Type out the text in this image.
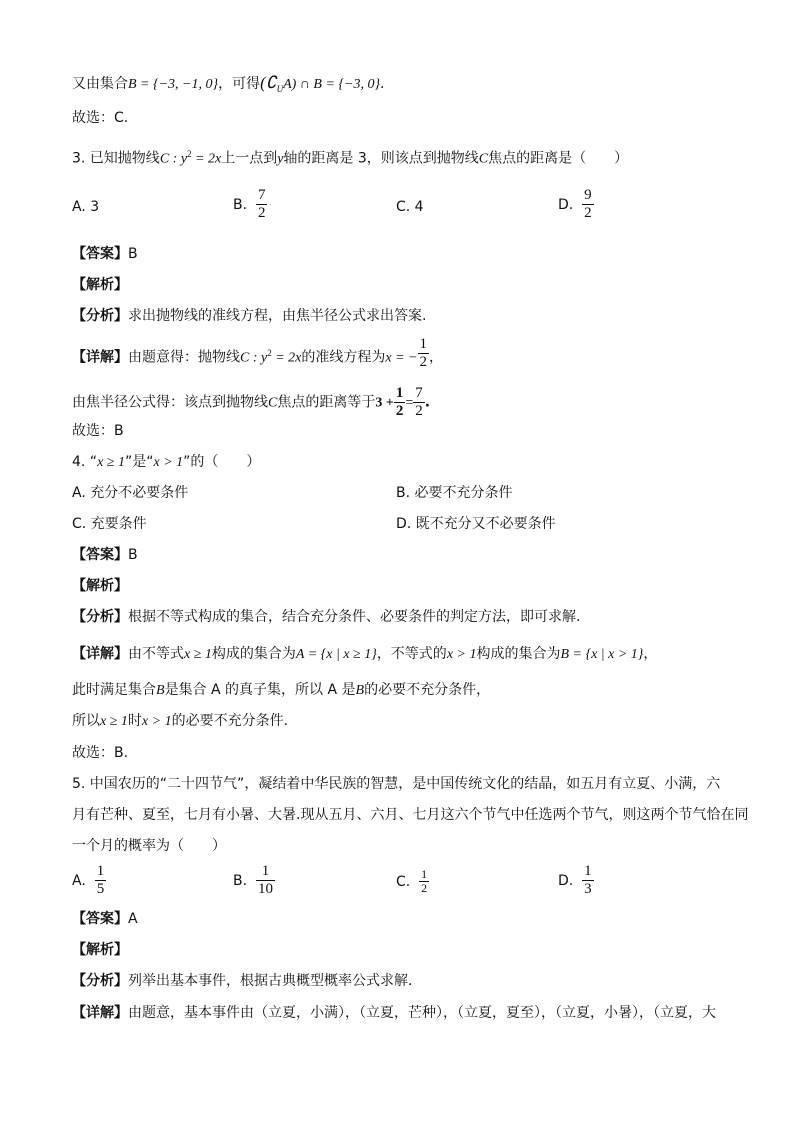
又由集合B = {−3, −1, 0}，可得$(∁_UA)$ ∩ B = {−3, 0}.
故选：C.
3. 已知抛物线C : $y^2 = 2x$上一点到y轴的距离是 3，则该点到抛物线C焦点的距离是（　　）
A. 3	B. $\frac{7}{2}$	C. 4	D. $\frac{9}{2}$
【答案】B
【解析】
【分析】求出抛物线的准线方程，由焦半径公式求出答案.
【详解】由题意得：抛物线C : $y^2 = 2x$的准线方程为x = − $\frac{1}{2}$ ，
由焦半径公式得：该点到抛物线C焦点的距离等于$3 + \frac{1}{2} = \frac{7}{2}$ .
故选：B
4. “x ≥ 1”是“x > 1”的（　　）
A. 充分不必要条件	B. 必要不充分条件
C. 充要条件	D. 既不充分又不必要条件
【答案】B
【解析】
【分析】根据不等式构成的集合，结合充分条件、必要条件的判定方法，即可求解.
【详解】由不等式x ≥ 1构成的集合为A = {x | x ≥ 1}，不等式的x > 1构成的集合为B = {x | x > 1}，
此时满足集合B是集合 A 的真子集，所以 A 是B的必要不充分条件，
所以x ≥ 1时x > 1的必要不充分条件.
故选：B.
5. 中国农历的“二十四节气”，凝结着中华民族的智慧，是中国传统文化的结晶，如五月有立夏、小满，六
月有芒种、夏至，七月有小暑、大暑.现从五月、六月、七月这六个节气中任选两个节气，则这两个节气恰在同
一个月的概率为（　　）
A. $\frac{1}{5}$	B. $\frac{1}{10}$	C. $\frac{1}{2}$	D. $\frac{1}{3}$
【答案】A
【解析】
【分析】列举出基本事件，根据古典概型概率公式求解．
【详解】由题意，基本事件由（立夏，小满），（立夏，芒种），（立夏，夏至），（立夏，小暑），（立夏，大
